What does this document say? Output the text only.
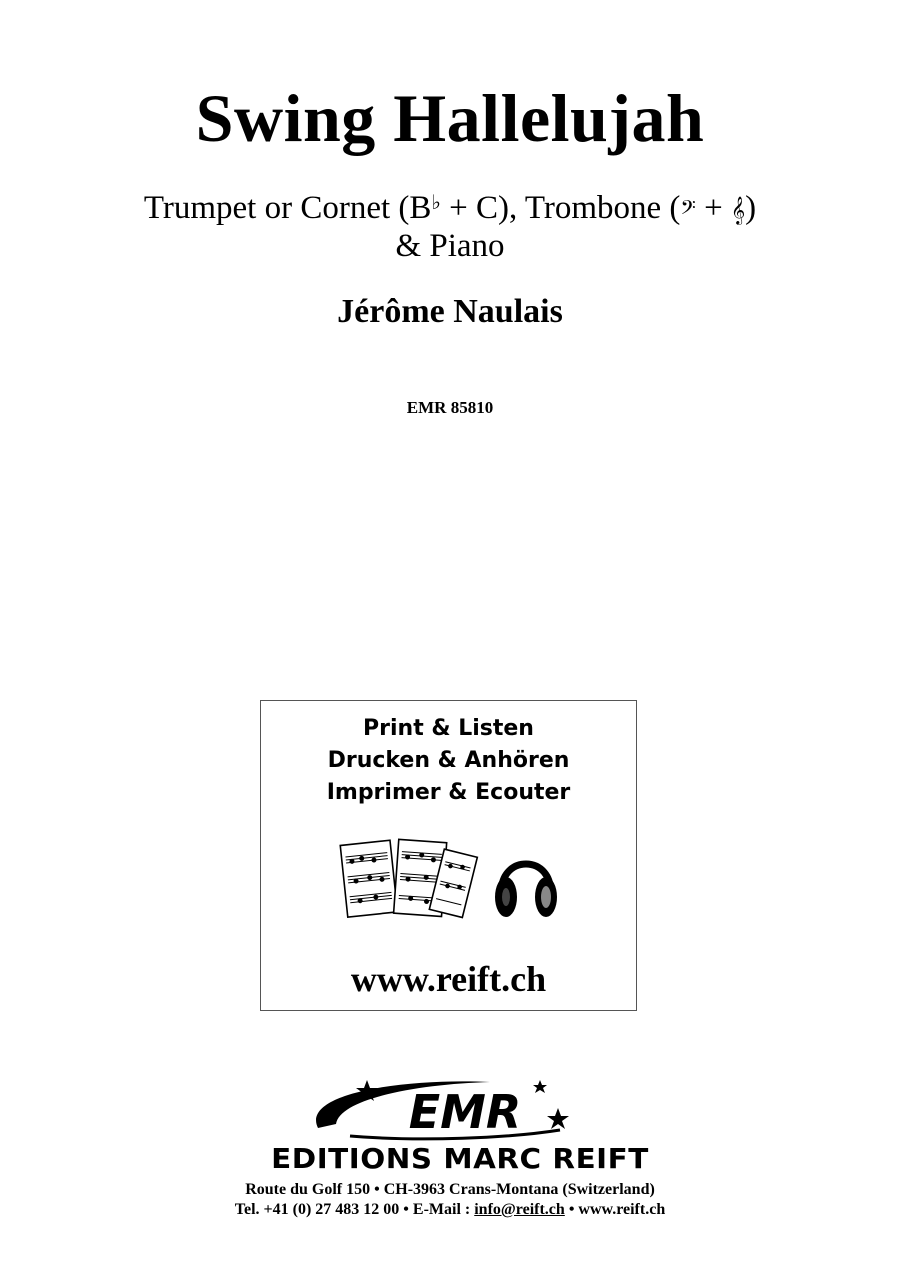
Swing Hallelujah
Trumpet or Cornet (B♭ + C), Trombone (𝄢 + 𝄞)
& Piano
Jérôme Naulais
EMR 85810
Print & Listen
Drucken & Anhören
Imprimer & Ecouter
www.reift.ch
EMR
EDITIONS MARC REIFT
Route du Golf 150 • CH-3963 Crans-Montana (Switzerland)
Tel. +41 (0) 27 483 12 00 • E-Mail : info@reift.ch • www.reift.ch
